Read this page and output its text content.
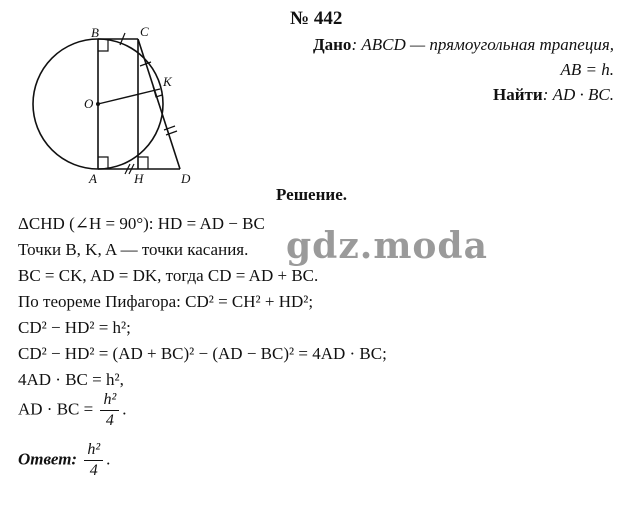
№ 442
B	C
O
K
A	H	D
Дано: ABCD — прямоугольная трапеция,
AB = h.
Найти: AD · BC.
Решение.
gdz.moda
ΔCHD (∠H = 90°): HD = AD − BC
Точки B, K, A — точки касания.
BC = CK, AD = DK, тогда CD = AD + BC.
По теореме Пифагора: CD² = CH² + HD²;
CD² − HD² = h²;
CD² − HD² = (AD + BC)² − (AD − BC)² = 4AD · BC;
4AD · BC = h²,
AD · BC = $\frac{\text{h²}}{4}$ .
Ответ: $\frac{\text{h²}}{4}$ .
